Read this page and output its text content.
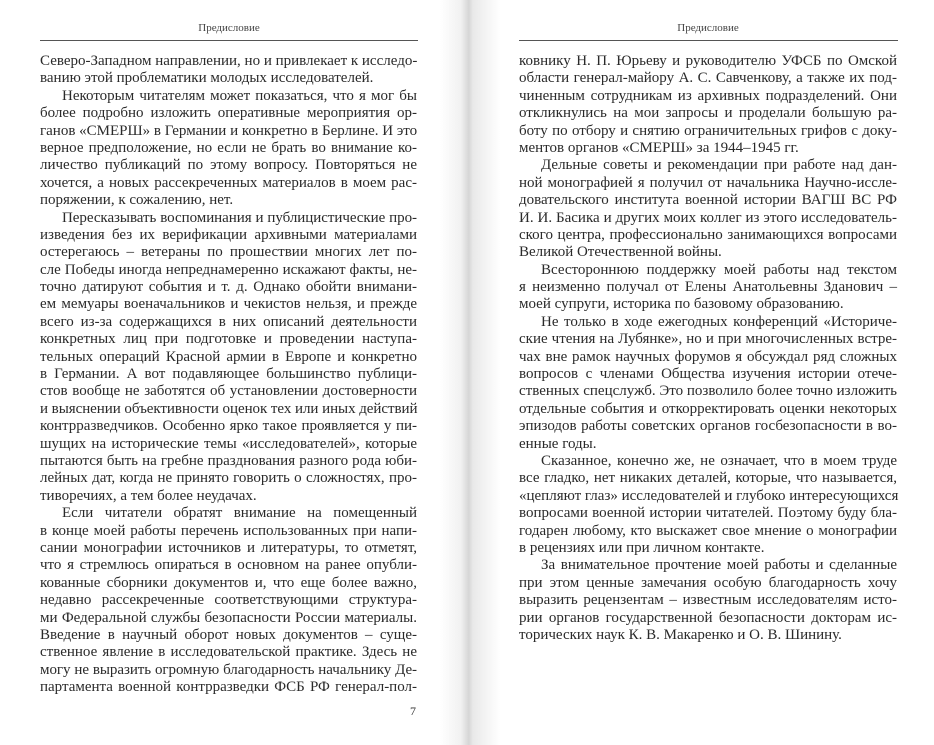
Предисловие
Северо-Западном направлении, но и привлекает к исследо-
ванию этой проблематики молодых исследователей.
Некоторым читателям может показаться, что я мог бы
более подробно изложить оперативные мероприятия ор-
ганов «СМЕРШ» в Германии и конкретно в Берлине. И это
верное предположение, но если не брать во внимание ко-
личество публикаций по этому вопросу. Повторяться не
хочется, а новых рассекреченных материалов в моем рас-
поряжении, к сожалению, нет.
Пересказывать воспоминания и публицистические про-
изведения без их верификации архивными материалами
остерегаюсь – ветераны по прошествии многих лет по-
сле Победы иногда непреднамеренно искажают факты, не-
точно датируют события и т. д. Однако обойти внимани-
ем мемуары военачальников и чекистов нельзя, и прежде
всего из-за содержащихся в них описаний деятельности
конкретных лиц при подготовке и проведении наступа-
тельных операций Красной армии в Европе и конкретно
в Германии. А вот подавляющее большинство публици-
стов вообще не заботятся об установлении достоверности
и выяснении объективности оценок тех или иных действий
контрразведчиков. Особенно ярко такое проявляется у пи-
шущих на исторические темы «исследователей», которые
пытаются быть на гребне празднования разного рода юби-
лейных дат, когда не принято говорить о сложностях, про-
тиворечиях, а тем более неудачах.
Если читатели обратят внимание на помещенный
в конце моей работы перечень использованных при напи-
сании монографии источников и литературы, то отметят,
что я стремлюсь опираться в основном на ранее опубли-
кованные сборники документов и, что еще более важно,
недавно рассекреченные соответствующими структура-
ми Федеральной службы безопасности России материалы.
Введение в научный оборот новых документов – суще-
ственное явление в исследовательской практике. Здесь не
могу не выразить огромную благодарность начальнику Де-
партамента военной контрразведки ФСБ РФ генерал-пол-
7
Предисловие
ковнику Н. П. Юрьеву и руководителю УФСБ по Омской
области генерал-майору А. С. Савченкову, а также их под-
чиненным сотрудникам из архивных подразделений. Они
откликнулись на мои запросы и проделали большую ра-
боту по отбору и снятию ограничительных грифов с доку-
ментов органов «СМЕРШ» за 1944–1945 гг.
Дельные советы и рекомендации при работе над дан-
ной монографией я получил от начальника Научно-иссле-
довательского института военной истории ВАГШ ВС РФ
И. И. Басика и других моих коллег из этого исследователь-
ского центра, профессионально занимающихся вопросами
Великой Отечественной войны.
Всестороннюю поддержку моей работы над текстом
я неизменно получал от Елены Анатольевны Здaнович –
моей супруги, историка по базовому образованию.
Не только в ходе ежегодных конференций «Историче-
ские чтения на Лубянке», но и при многочисленных встре-
чах вне рамок научных форумов я обсуждал ряд сложных
вопросов с членами Общества изучения истории отече-
ственных спецслужб. Это позволило более точно изложить
отдельные события и откорректировать оценки некоторых
эпизодов работы советских органов госбезопасности в во-
енные годы.
Сказанное, конечно же, не означает, что в моем труде
все гладко, нет никаких деталей, которые, что называется,
«цепляют глаз» исследователей и глубоко интересующихся
вопросами военной истории читателей. Поэтому буду бла-
годарен любому, кто выскажет свое мнение о монографии
в рецензиях или при личном контакте.
За внимательное прочтение моей работы и сделанные
при этом ценные замечания особую благодарность хочу
выразить рецензентам – известным исследователям исто-
рии органов государственной безопасности докторам ис-
торических наук К. В. Макаренко и О. В. Шинину.
